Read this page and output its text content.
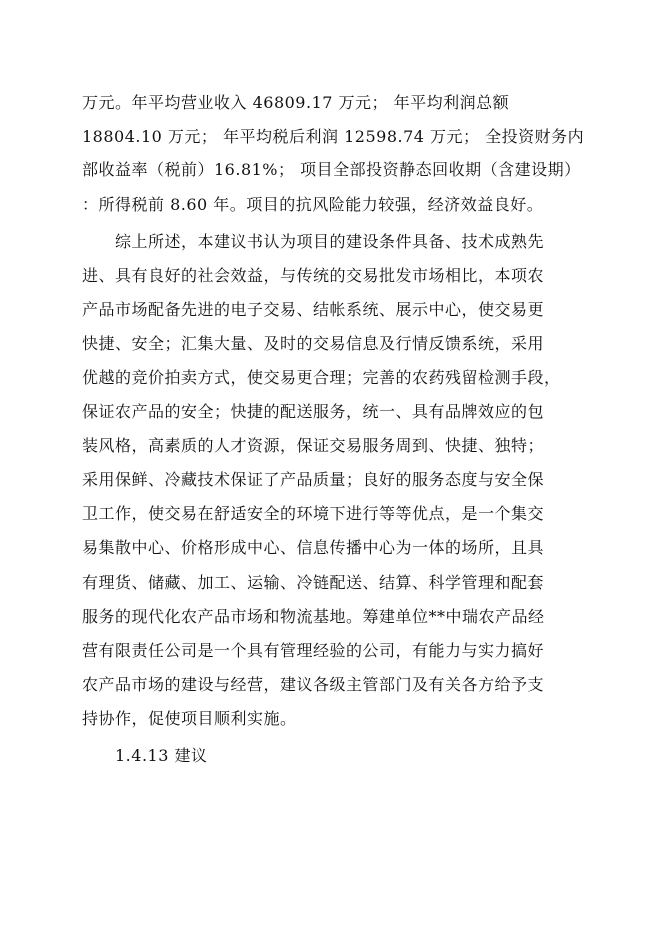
万元。年平均营业收入 46809.17 万元； 年平均利润总额
18804.10 万元； 年平均税后利润 12598.74 万元； 全投资财务内
部收益率（税前）16.81%； 项目全部投资静态回收期（含建设期）
：所得税前 8.60 年。项目的抗风险能力较强，经济效益良好。
综上所述，本建议书认为项目的建设条件具备、技术成熟先
进、具有良好的社会效益，与传统的交易批发市场相比，本项农
产品市场配备先进的电子交易、结帐系统、展示中心，使交易更
快捷、安全；汇集大量、及时的交易信息及行情反馈系统，采用
优越的竞价拍卖方式，使交易更合理；完善的农药残留检测手段，
保证农产品的安全；快捷的配送服务，统一、具有品牌效应的包
装风格，高素质的人才资源，保证交易服务周到、快捷、独特；
采用保鲜、冷藏技术保证了产品质量；良好的服务态度与安全保
卫工作，使交易在舒适安全的环境下进行等等优点，是一个集交
易集散中心、价格形成中心、信息传播中心为一体的场所，且具
有理货、储藏、加工、运输、冷链配送、结算、科学管理和配套
服务的现代化农产品市场和物流基地。筹建单位**中瑞农产品经
营有限责任公司是一个具有管理经验的公司，有能力与实力搞好
农产品市场的建设与经营，建议各级主管部门及有关各方给予支
持协作，促使项目顺利实施。
1.4.13 建议
